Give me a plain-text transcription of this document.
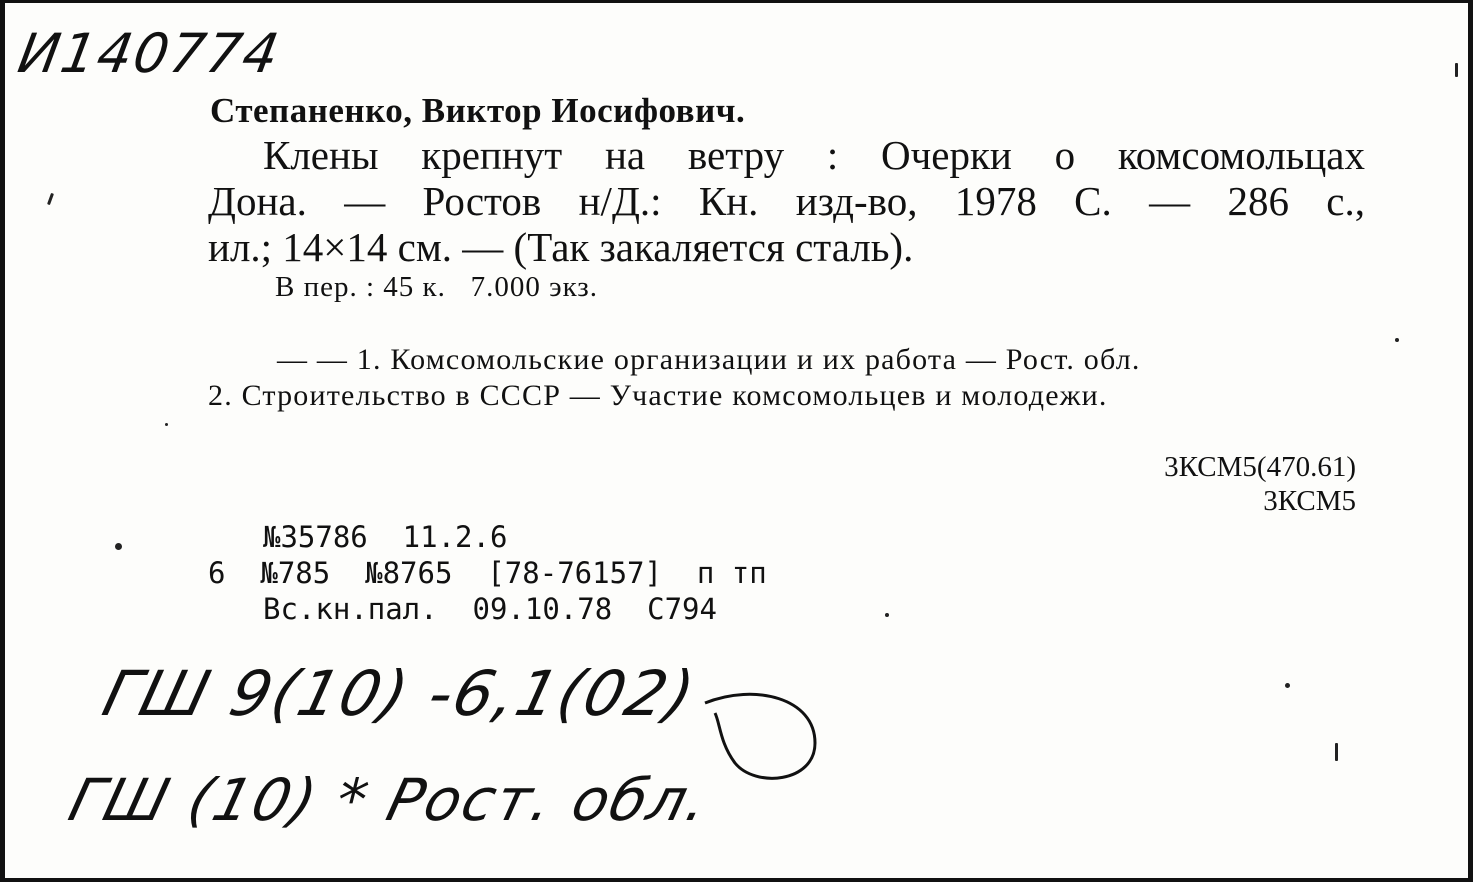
И140774
Степаненко, Виктор Иосифович.
Клены крепнут на ветру : Очерки о комсомольцах
Дона. — Ростов н/Д.: Кн. изд-во, 1978 С. — 286 с.,
ил.; 14×14 см. — (Так закаляется сталь).
В пер. : 45 к.   7.000 экз.
— — 1. Комсомольские организации и их работа — Рост. обл.
2. Строительство в СССР — Участие комсомольцев и молодежи.
3КСМ5(470.61)
3КСМ5
№35786  11.2.6
6  №785  №8765  [78-76157]  п тп
Вс.кн.пал.  09.10.78  С794
ГШ 9(10) -6,1(02)
ГШ (10) * Рост. обл.
